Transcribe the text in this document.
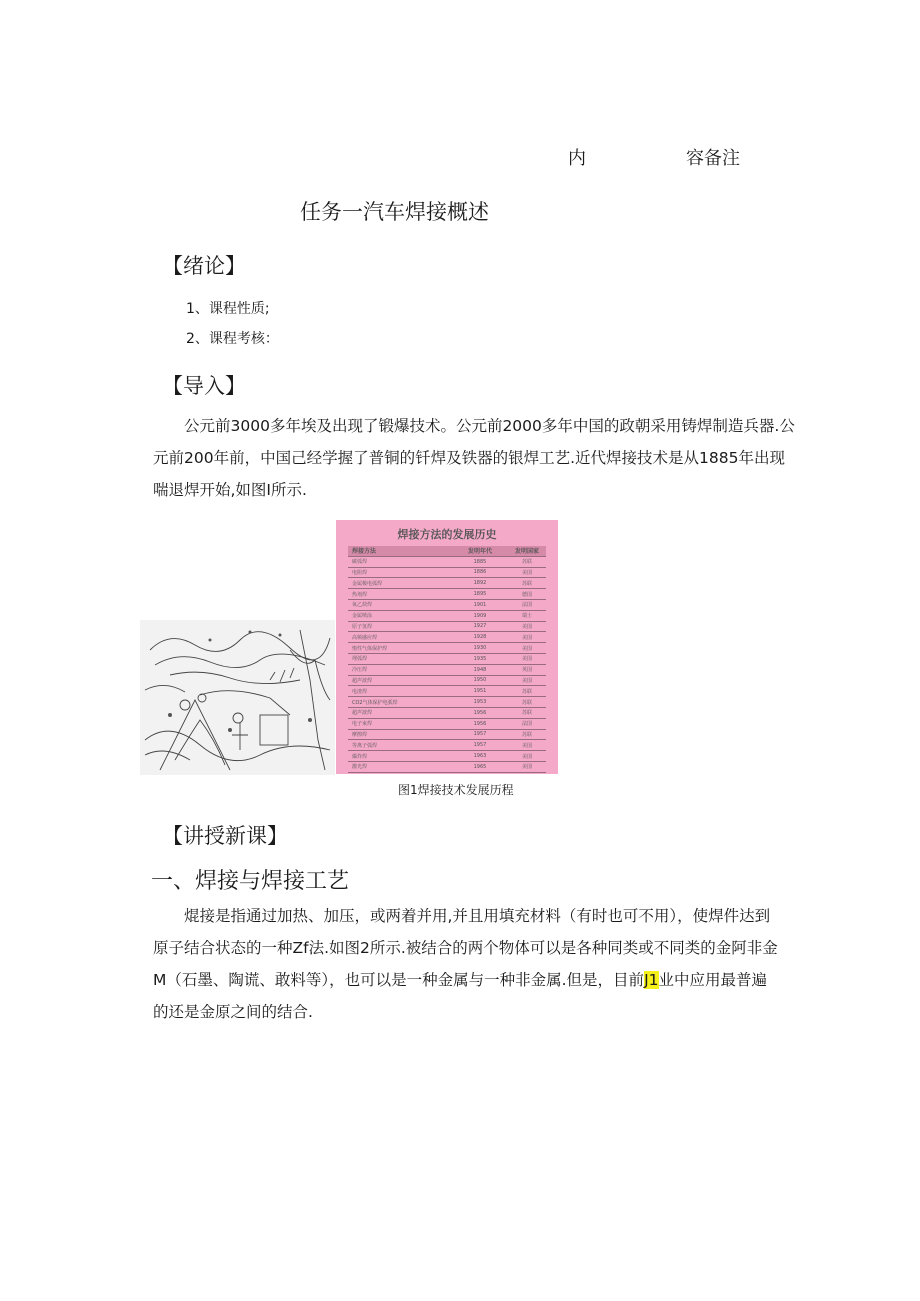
内	容备注
任务一汽车焊接概述
【绪论】
1、课程性质;
2、课程考核：
【导入】
公元前3000多年埃及出现了锻爆技术。公元前2000多年中国的政朝采用铸焊制造兵器.公
元前200年前，中国己经学握了普铜的钎焊及铁器的银焊工艺.近代焊接技术是从1885年出现
喘退焊开始,如图I所示.
焊接方法的发展历史
焊接方法	发明年代	发明国家
碳弧焊	1885	苏联
电阻焊	1886	美国
金属极电弧焊	1892	苏联
热剂焊	1895	德国
氧乙炔焊	1901	法国
金属喷涂	1909	瑞士
原子氢焊	1927	美国
高频感应焊	1928	美国
惰性气体保护焊	1930	美国
埋弧焊	1935	美国
冷压焊	1948	英国
超声波焊	1950	美国
电渣焊	1951	苏联
CO2气体保护电弧焊	1953	苏联
超声波焊	1956	苏联
电子束焊	1956	法国
摩擦焊	1957	苏联
等离子弧焊	1957	美国
爆炸焊	1963	美国
激光焊	1965	美国
图1焊接技术发展历程
【讲授新课】
一、焊接与焊接工艺
焜接是指通过加热、加压，或两着并用,并且用填充材料（有时也可不用），使焊件达到
原子结合状态的一种Zf法.如图2所示.被结合的两个物体可以是各种同类或不同类的金阿非金
M（石墨、陶谎、敢料等），也可以是一种金属与一种非金属.但是，目前J1业中应用最普遍
的还是金原之间的结合.
